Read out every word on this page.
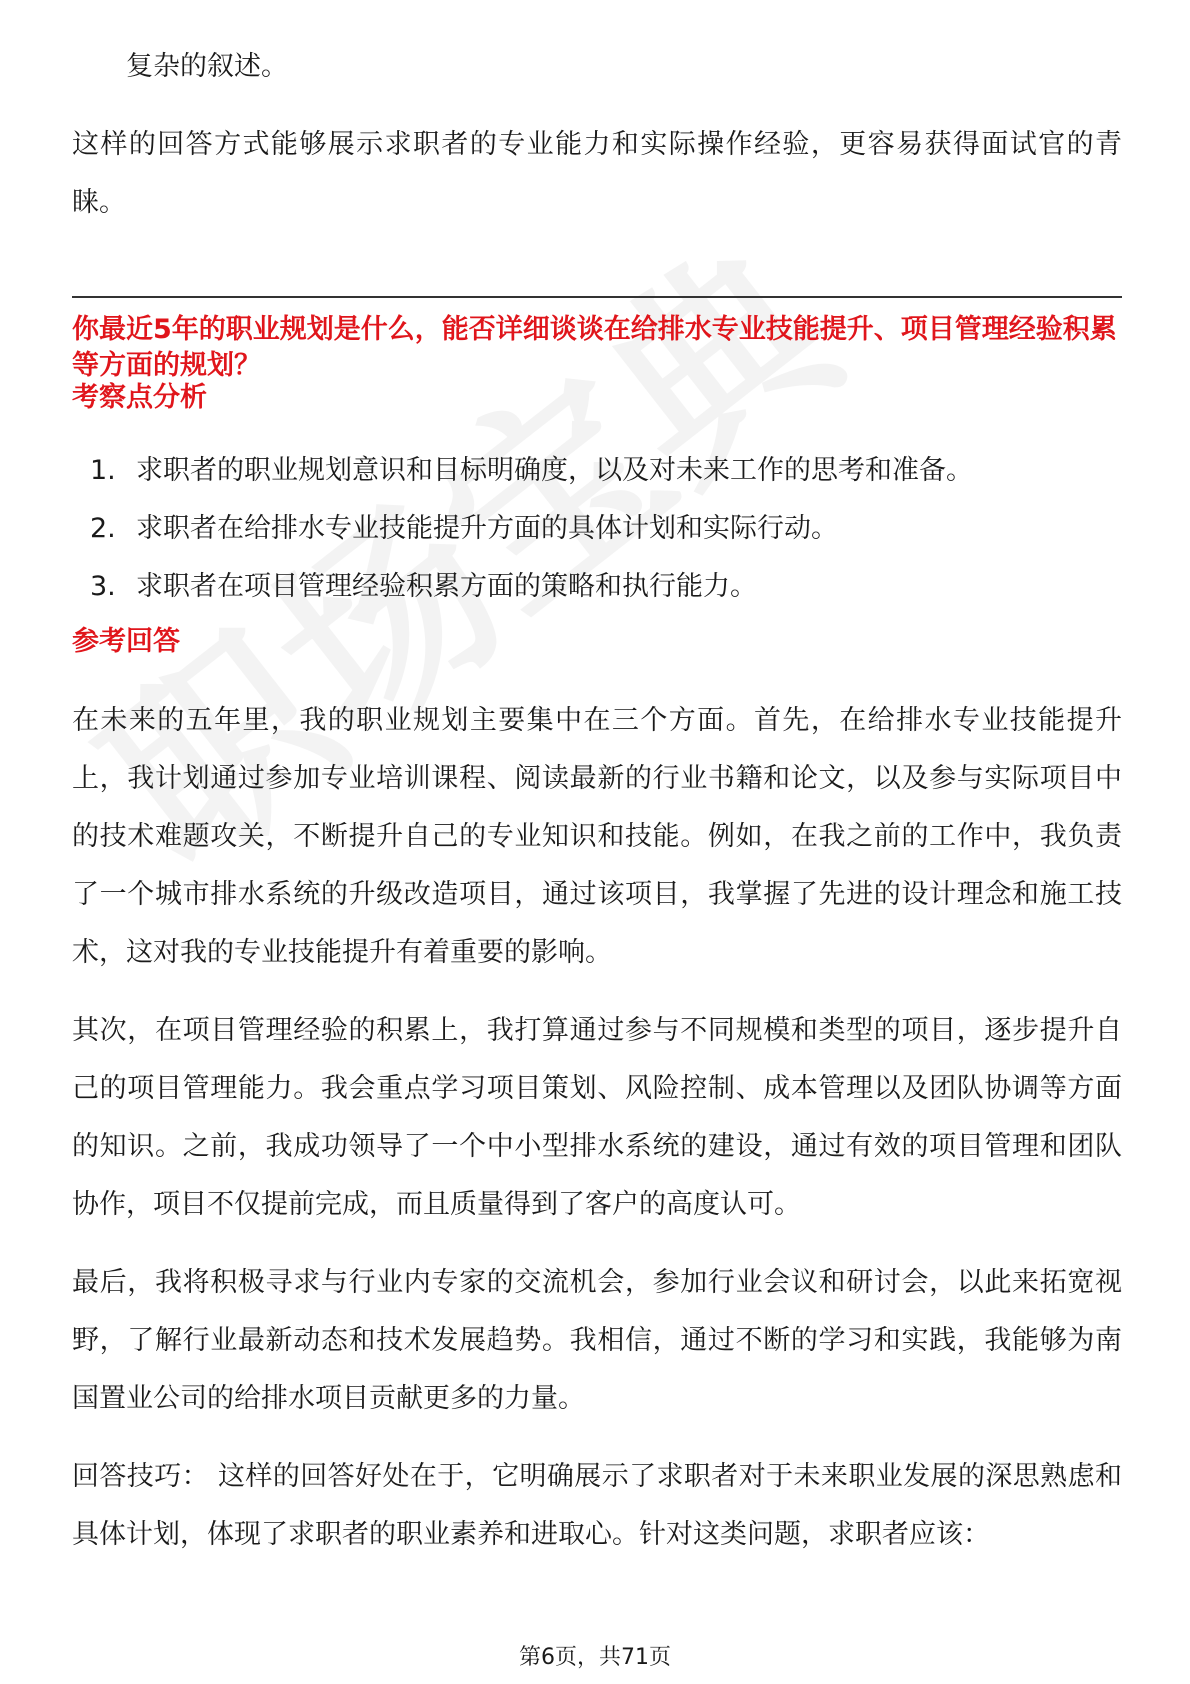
复杂的叙述。

这样的回答方式能够展示求职者的专业能力和实际操作经验，更容易获得面试官的青睐。

你最近5年的职业规划是什么，能否详细谈谈在给排水专业技能提升、项目管理经验积累等方面的规划？

考察点分析

1. 求职者的职业规划意识和目标明确度，以及对未来工作的思考和准备。
2. 求职者在给排水专业技能提升方面的具体计划和实际行动。
3. 求职者在项目管理经验积累方面的策略和执行能力。

参考回答

在未来的五年里，我的职业规划主要集中在三个方面。首先，在给排水专业技能提升上，我计划通过参加专业培训课程、阅读最新的行业书籍和论文，以及参与实际项目中的技术难题攻关，不断提升自己的专业知识和技能。例如，在我之前的工作中，我负责了一个城市排水系统的升级改造项目，通过该项目，我掌握了先进的设计理念和施工技术，这对我的专业技能提升有着重要的影响。

其次，在项目管理经验的积累上，我打算通过参与不同规模和类型的项目，逐步提升自己的项目管理能力。我会重点学习项目策划、风险控制、成本管理以及团队协调等方面的知识。之前，我成功领导了一个中小型排水系统的建设，通过有效的项目管理和团队协作，项目不仅提前完成，而且质量得到了客户的高度认可。

最后，我将积极寻求与行业内专家的交流机会，参加行业会议和研讨会，以此来拓宽视野，了解行业最新动态和技术发展趋势。我相信，通过不断的学习和实践，我能够为南国置业公司的给排水项目贡献更多的力量。

回答技巧： 这样的回答好处在于，它明确展示了求职者对于未来职业发展的深思熟虑和具体计划，体现了求职者的职业素养和进取心。针对这类问题，求职者应该：

第6页，共71页
